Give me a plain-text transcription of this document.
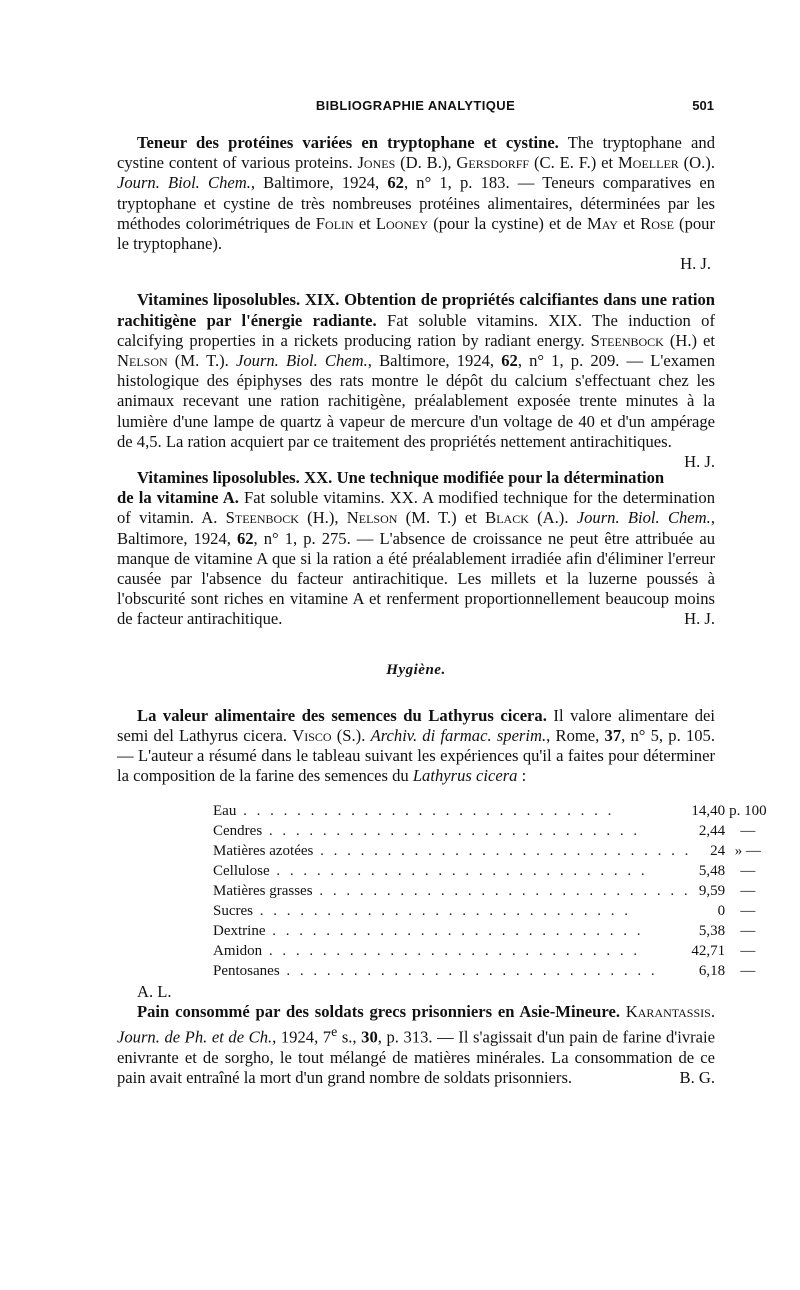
BIBLIOGRAPHIE ANALYTIQUE	501

Teneur des protéines variées en tryptophane et cystine. The tryptophane and cystine content of various proteins. Jones (D. B.), Gersdorff (C. E. F.) et Moeller (O.). Journ. Biol. Chem., Baltimore, 1924, 62, n° 1, p. 183. — Teneurs comparatives en tryptophane et cystine de très nombreuses protéines alimentaires, déterminées par les méthodes colorimétriques de Folin et Looney (pour la cystine) et de May et Rose (pour le tryptophane).

H. J.

Vitamines liposolubles. XIX. Obtention de propriétés calcifiantes dans une ration rachitigène par l'énergie radiante. Fat soluble vitamins. XIX. The induction of calcifying properties in a rickets producing ration by radiant energy. Steenbock (H.) et Nelson (M. T.). Journ. Biol. Chem., Baltimore, 1924, 62, n° 1, p. 209. — L'examen histologique des épiphyses des rats montre le dépôt du calcium s'effectuant chez les animaux recevant une ration rachitigène, préalablement exposée trente minutes à la lumière d'une lampe de quartz à vapeur de mercure d'un voltage de 40 et d'un ampérage de 4,5. La ration acquiert par ce traitement des propriétés nettement antirachitiques.
H. J.

Vitamines liposolubles. XX. Une technique modifiée pour la détermination de la vitamine A. Fat soluble vitamins. XX. A modified technique for the determination of vitamin. A. Steenbock (H.), Nelson (M. T.) et Black (A.). Journ. Biol. Chem., Baltimore, 1924, 62, n° 1, p. 275. — L'absence de croissance ne peut être attribuée au manque de vitamine A que si la ration a été préalablement irradiée afin d'éliminer l'erreur causée par l'absence du facteur antirachitique. Les millets et la luzerne poussés à l'obscurité sont riches en vitamine A et renferment proportionnellement beaucoup moins de facteur antirachitique.	H. J.

Hygiène.

La valeur alimentaire des semences du Lathyrus cicera. Il valore alimentare dei semi del Lathyrus cicera. Visco (S.). Archiv. di farmac. sperim., Rome, 37, n° 5, p. 105. — L'auteur a résumé dans le tableau suivant les expériences qu'il a faites pour déterminer la composition de la farine des semences du Lathyrus cicera :

Eau . . . . . . . . . . . . . . . . . . . . . . . . . . . .	14,40	p. 100
Cendres . . . . . . . . . . . . . . . . . . . . . . . . . . . .	2,44	—
Matières azotées . . . . . . . . . . . . . . . . . . . . . . . . . . . .	24	» —
Cellulose . . . . . . . . . . . . . . . . . . . . . . . . . . . .	5,48	—
Matières grasses . . . . . . . . . . . . . . . . . . . . . . . . . . . .	9,59	—
Sucres . . . . . . . . . . . . . . . . . . . . . . . . . . . .	0	—
Dextrine . . . . . . . . . . . . . . . . . . . . . . . . . . . .	5,38	—
Amidon . . . . . . . . . . . . . . . . . . . . . . . . . . . .	42,71	—
Pentosanes . . . . . . . . . . . . . . . . . . . . . . . . . . . .	6,18	—

A. L.

Pain consommé par des soldats grecs prisonniers en Asie-Mineure. Karantassis. Journ. de Ph. et de Ch., 1924, 7e s., 30, p. 313. — Il s'agissait d'un pain de farine d'ivraie enivrante et de sorgho, le tout mélangé de matières minérales. La consommation de ce pain avait entraîné la mort d'un grand nombre de soldats prisonniers.	B. G.
